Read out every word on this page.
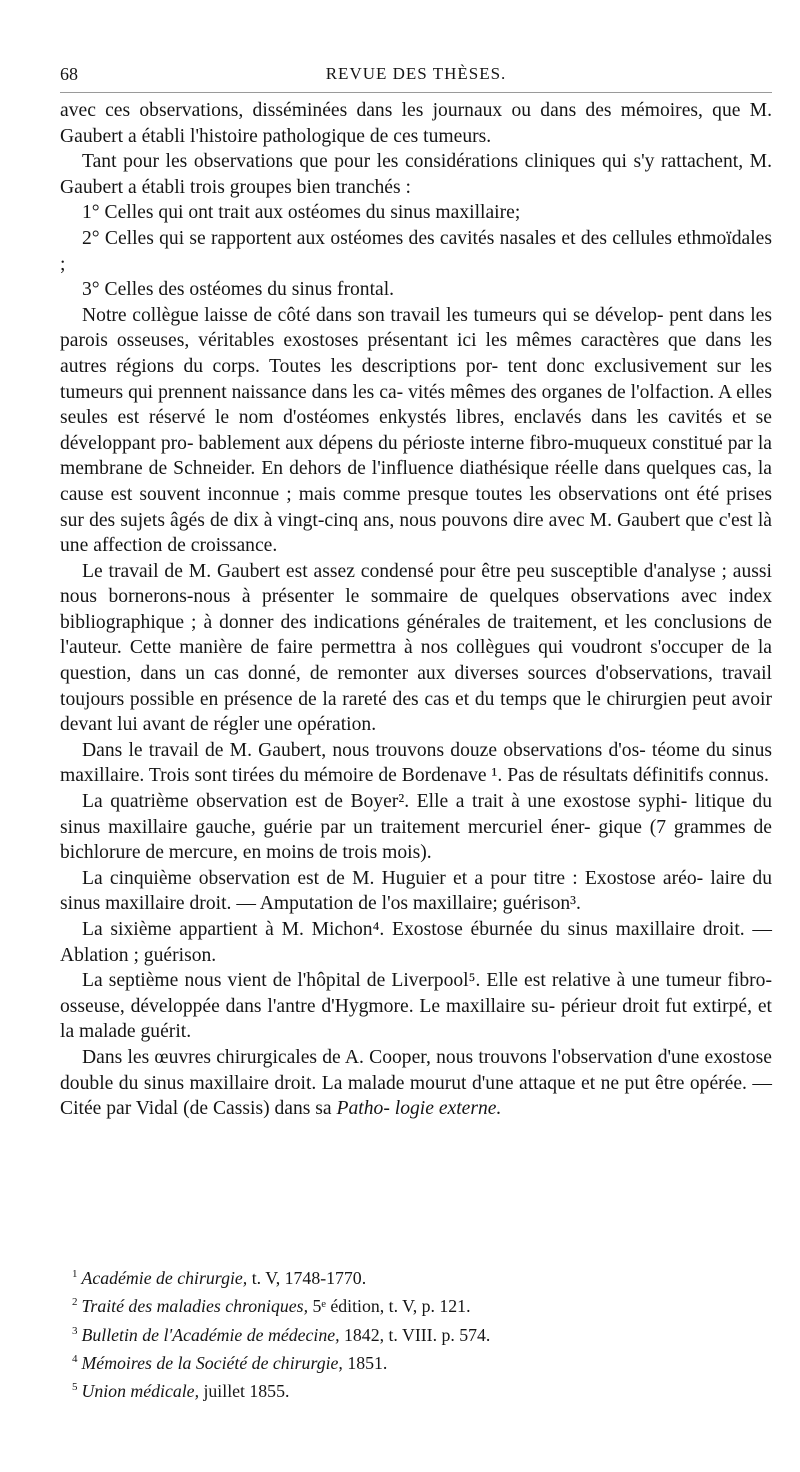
68	REVUE DES THÈSES.

avec ces observations, disséminées dans les journaux ou dans des mémoires, que M. Gaubert a établi l'histoire pathologique de ces tumeurs.

Tant pour les observations que pour les considérations cliniques qui s'y rattachent, M. Gaubert a établi trois groupes bien tranchés :

1° Celles qui ont trait aux ostéomes du sinus maxillaire;

2° Celles qui se rapportent aux ostéomes des cavités nasales et des cellules ethmoïdales ;

3° Celles des ostéomes du sinus frontal.

Notre collègue laisse de côté dans son travail les tumeurs qui se dévelop- pent dans les parois osseuses, véritables exostoses présentant ici les mêmes caractères que dans les autres régions du corps. Toutes les descriptions por- tent donc exclusivement sur les tumeurs qui prennent naissance dans les ca- vités mêmes des organes de l'olfaction. A elles seules est réservé le nom d'ostéomes enkystés libres, enclavés dans les cavités et se développant pro- bablement aux dépens du périoste interne fibro-muqueux constitué par la membrane de Schneider. En dehors de l'influence diathésique réelle dans quelques cas, la cause est souvent inconnue ; mais comme presque toutes les observations ont été prises sur des sujets âgés de dix à vingt-cinq ans, nous pouvons dire avec M. Gaubert que c'est là une affection de croissance.

Le travail de M. Gaubert est assez condensé pour être peu susceptible d'analyse ; aussi nous bornerons-nous à présenter le sommaire de quelques observations avec index bibliographique ; à donner des indications générales de traitement, et les conclusions de l'auteur. Cette manière de faire permettra à nos collègues qui voudront s'occuper de la question, dans un cas donné, de remonter aux diverses sources d'observations, travail toujours possible en présence de la rareté des cas et du temps que le chirurgien peut avoir devant lui avant de régler une opération.

Dans le travail de M. Gaubert, nous trouvons douze observations d'os- téome du sinus maxillaire. Trois sont tirées du mémoire de Bordenave ¹. Pas de résultats définitifs connus.

La quatrième observation est de Boyer². Elle a trait à une exostose syphi- litique du sinus maxillaire gauche, guérie par un traitement mercuriel éner- gique (7 grammes de bichlorure de mercure, en moins de trois mois).

La cinquième observation est de M. Huguier et a pour titre : Exostose aréo- laire du sinus maxillaire droit. — Amputation de l'os maxillaire; guérison³.

La sixième appartient à M. Michon⁴. Exostose éburnée du sinus maxillaire droit. — Ablation ; guérison.

La septième nous vient de l'hôpital de Liverpool⁵. Elle est relative à une tumeur fibro-osseuse, développée dans l'antre d'Hygmore. Le maxillaire su- périeur droit fut extirpé, et la malade guérit.

Dans les œuvres chirurgicales de A. Cooper, nous trouvons l'observation d'une exostose double du sinus maxillaire droit. La malade mourut d'une attaque et ne put être opérée. — Citée par Vidal (de Cassis) dans sa Patho- logie externe.

$^1$ Académie de chirurgie, t. V, 1748-1770.

$^2$ Traité des maladies chroniques, 5ᵉ édition, t. V, p. 121.

$^3$ Bulletin de l'Académie de médecine, 1842, t. VIII. p. 574.

$^4$ Mémoires de la Société de chirurgie, 1851.

$^5$ Union médicale, juillet 1855.
